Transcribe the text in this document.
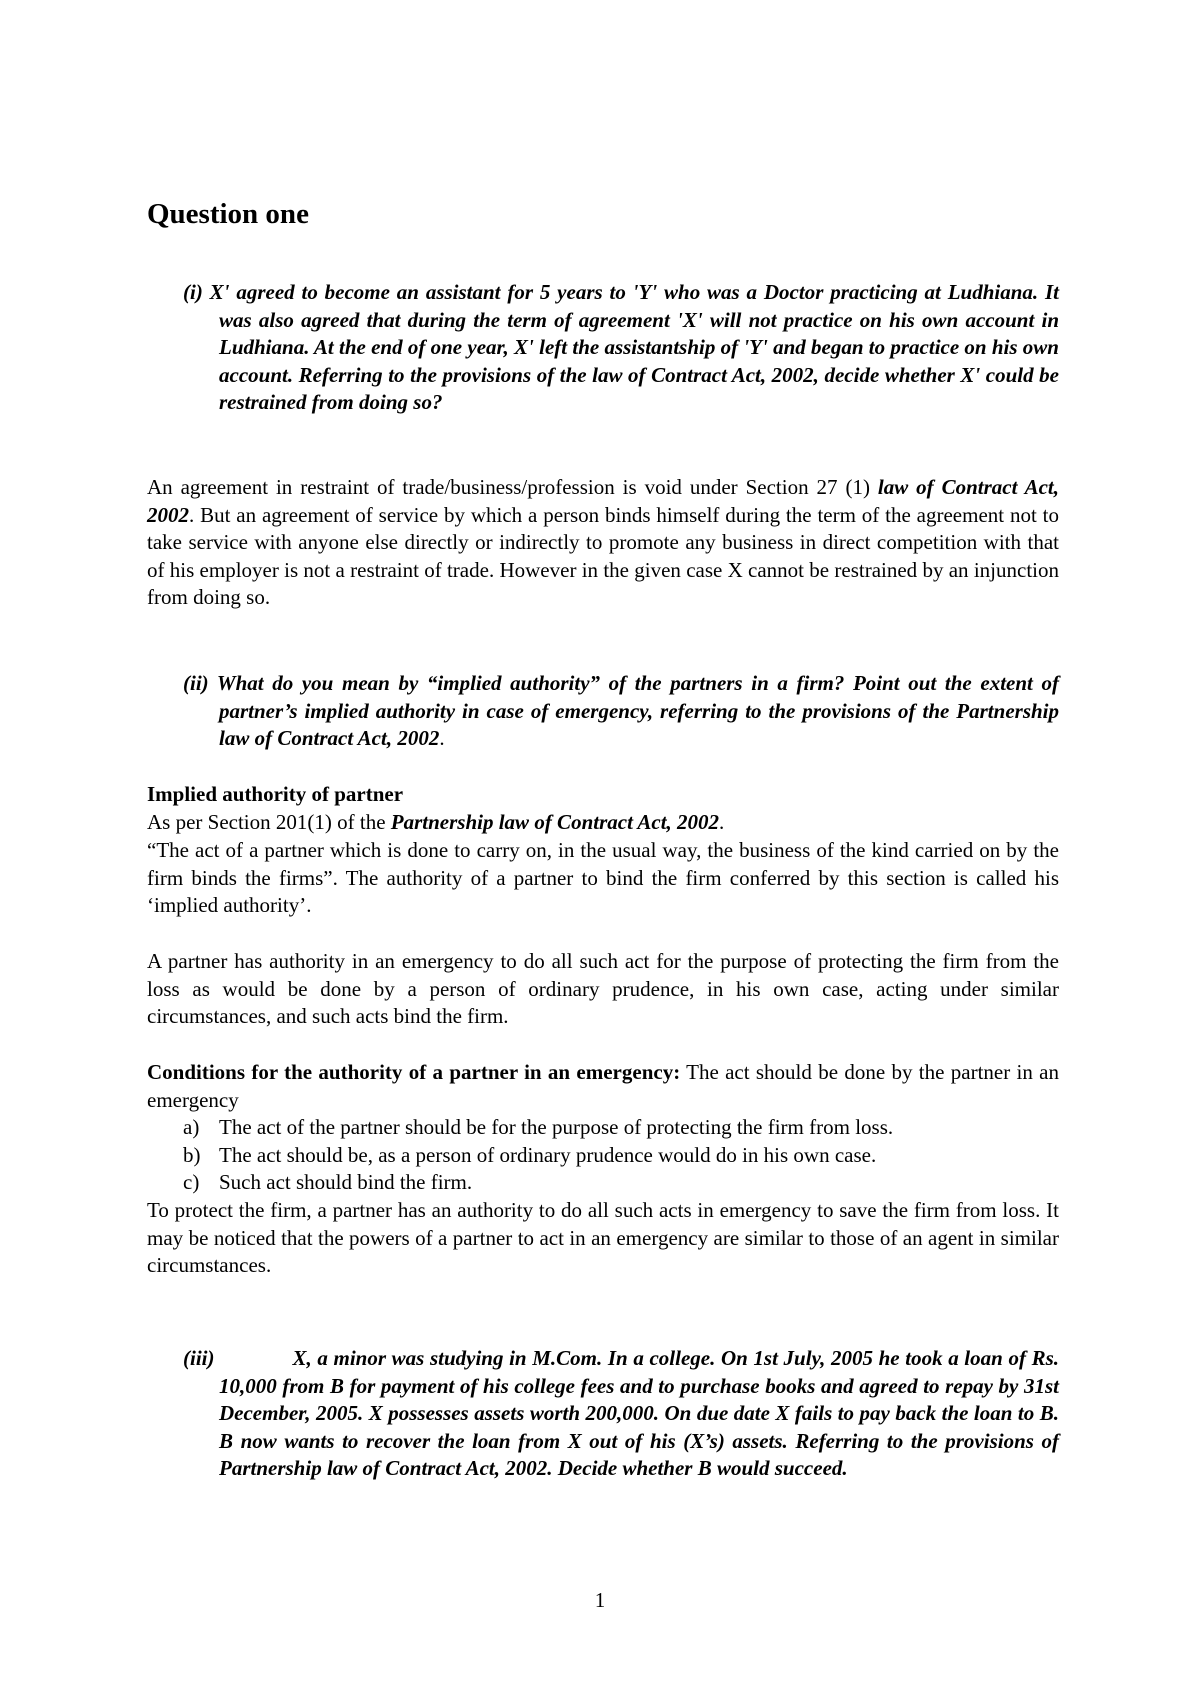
Question one

(i) X' agreed to become an assistant for 5 years to 'Y' who was a Doctor practicing at Ludhiana. It was also agreed that during the term of agreement 'X' will not practice on his own account in Ludhiana. At the end of one year, X' left the assistantship of 'Y' and began to practice on his own account. Referring to the provisions of the law of Contract Act, 2002, decide whether X' could be restrained from doing so?

An agreement in restraint of trade/business/profession is void under Section 27 (1) law of Contract Act, 2002. But an agreement of service by which a person binds himself during the term of the agreement not to take service with anyone else directly or indirectly to promote any business in direct competition with that of his employer is not a restraint of trade. However in the given case X cannot be restrained by an injunction from doing so.

(ii) What do you mean by “implied authority” of the partners in a firm? Point out the extent of partner’s implied authority in case of emergency, referring to the provisions of the Partnership law of Contract Act, 2002.

Implied authority of partner

As per Section 201(1) of the Partnership law of Contract Act, 2002.

“The act of a partner which is done to carry on, in the usual way, the business of the kind carried on by the firm binds the firms”. The authority of a partner to bind the firm conferred by this section is called his ‘implied authority’.

A partner has authority in an emergency to do all such act for the purpose of protecting the firm from the loss as would be done by a person of ordinary prudence, in his own case, acting under similar circumstances, and such acts bind the firm.

Conditions for the authority of a partner in an emergency: The act should be done by the partner in an emergency

a) The act of the partner should be for the purpose of protecting the firm from loss.
b) The act should be, as a person of ordinary prudence would do in his own case.
c) Such act should bind the firm.

To protect the firm, a partner has an authority to do all such acts in emergency to save the firm from loss. It may be noticed that the powers of a partner to act in an emergency are similar to those of an agent in similar circumstances.

(iii)	X, a minor was studying in M.Com. In a college. On 1st July, 2005 he took a loan of Rs. 10,000 from B for payment of his college fees and to purchase books and agreed to repay by 31st December, 2005. X possesses assets worth 200,000. On due date X fails to pay back the loan to B. B now wants to recover the loan from X out of his (X’s) assets. Referring to the provisions of Partnership law of Contract Act, 2002. Decide whether B would succeed.

1
